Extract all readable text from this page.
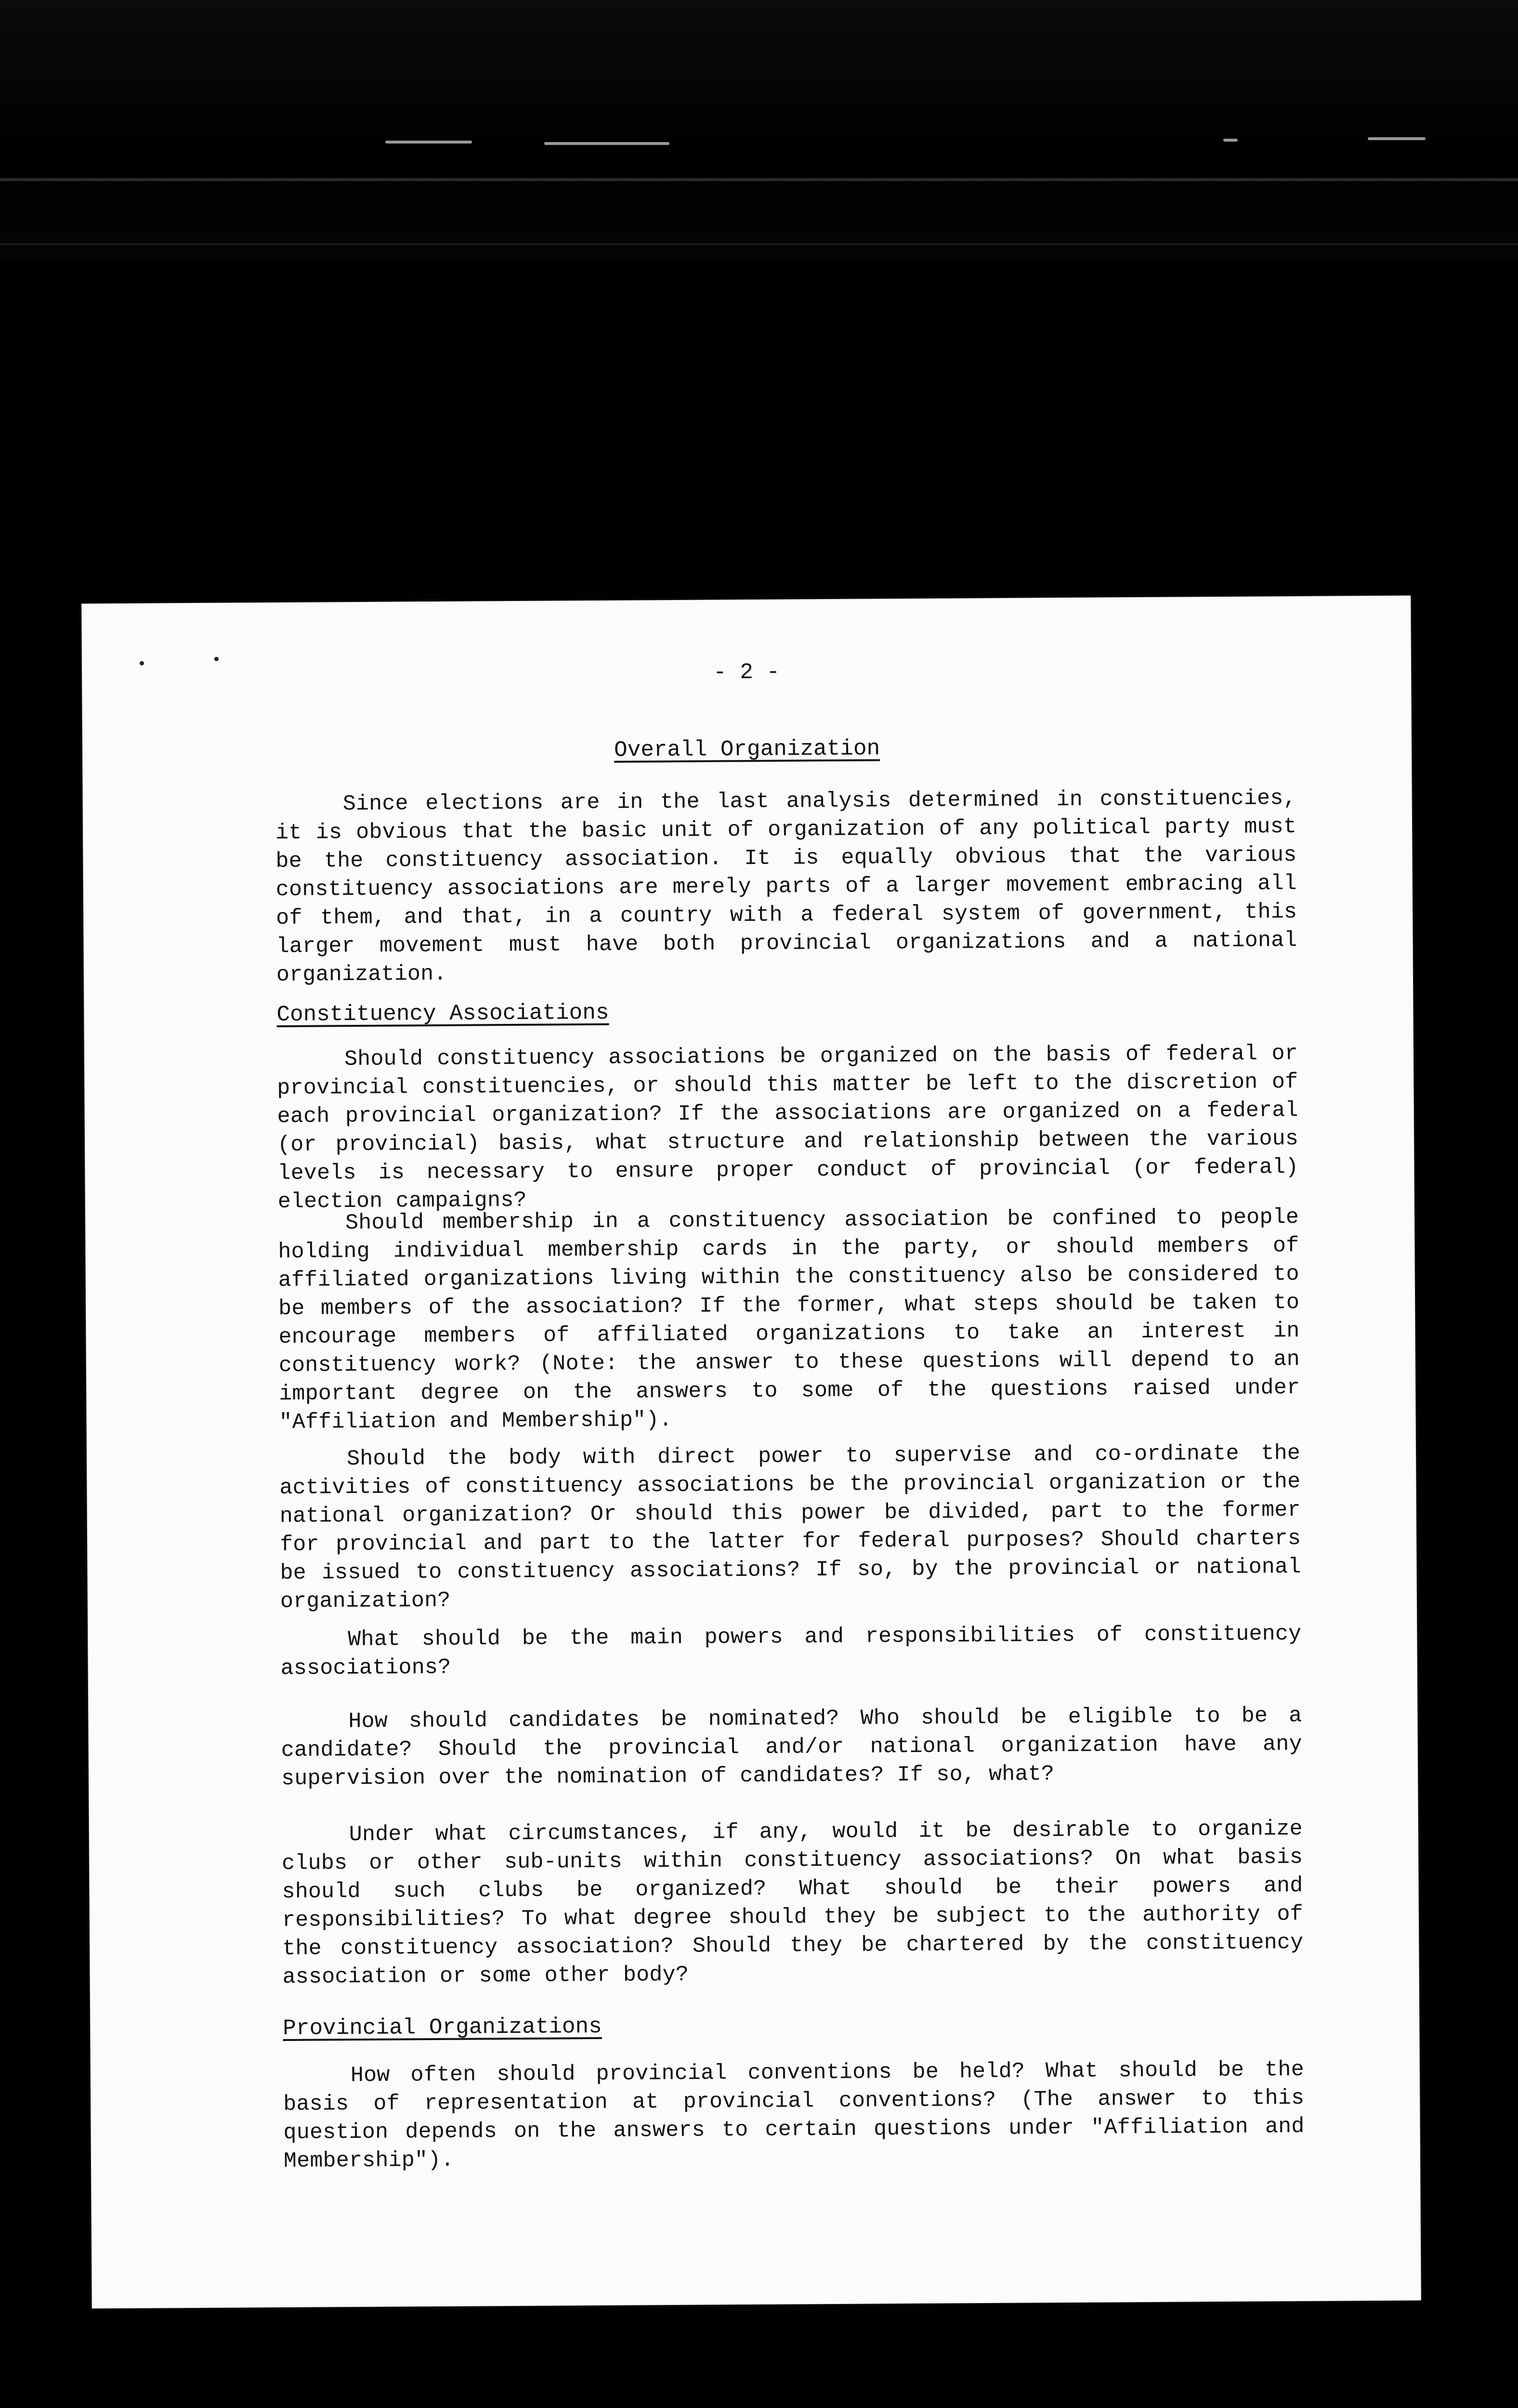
- 2 -
Overall Organization

Since elections are in the last analysis determined in constituencies, it is obvious that the basic unit of organization of any political party must be the constituency association. It is equally obvious that the various constituency associations are merely parts of a larger movement embracing all of them, and that, in a country with a federal system of government, this larger movement must have both provincial organizations and a national organization.

Constituency Associations

Should constituency associations be organized on the basis of federal or provincial constituencies, or should this matter be left to the discretion of each provincial organization? If the associations are organized on a federal (or provincial) basis, what structure and relationship between the various levels is necessary to ensure proper conduct of provincial (or federal) election campaigns?

Should membership in a constituency association be confined to people holding individual membership cards in the party, or should members of affiliated organizations living within the constituency also be considered to be members of the association? If the former, what steps should be taken to encourage members of affiliated organizations to take an interest in constituency work? (Note: the answer to these questions will depend to an important degree on the answers to some of the questions raised under "Affiliation and Membership").

Should the body with direct power to supervise and co-ordinate the activities of constituency associations be the provincial organization or the national organization? Or should this power be divided, part to the former for provincial and part to the latter for federal purposes? Should charters be issued to constituency associations? If so, by the provincial or national organization?

What should be the main powers and responsibilities of constituency associations?

How should candidates be nominated? Who should be eligible to be a candidate? Should the provincial and/or national organization have any supervision over the nomination of candidates? If so, what?

Under what circumstances, if any, would it be desirable to organize clubs or other sub-units within constituency associations? On what basis should such clubs be organized? What should be their powers and responsibilities? To what degree should they be subject to the authority of the constituency association? Should they be chartered by the constituency association or some other body?

Provincial Organizations

How often should provincial conventions be held? What should be the basis of representation at provincial conventions? (The answer to this question depends on the answers to certain questions under "Affiliation and Membership").
